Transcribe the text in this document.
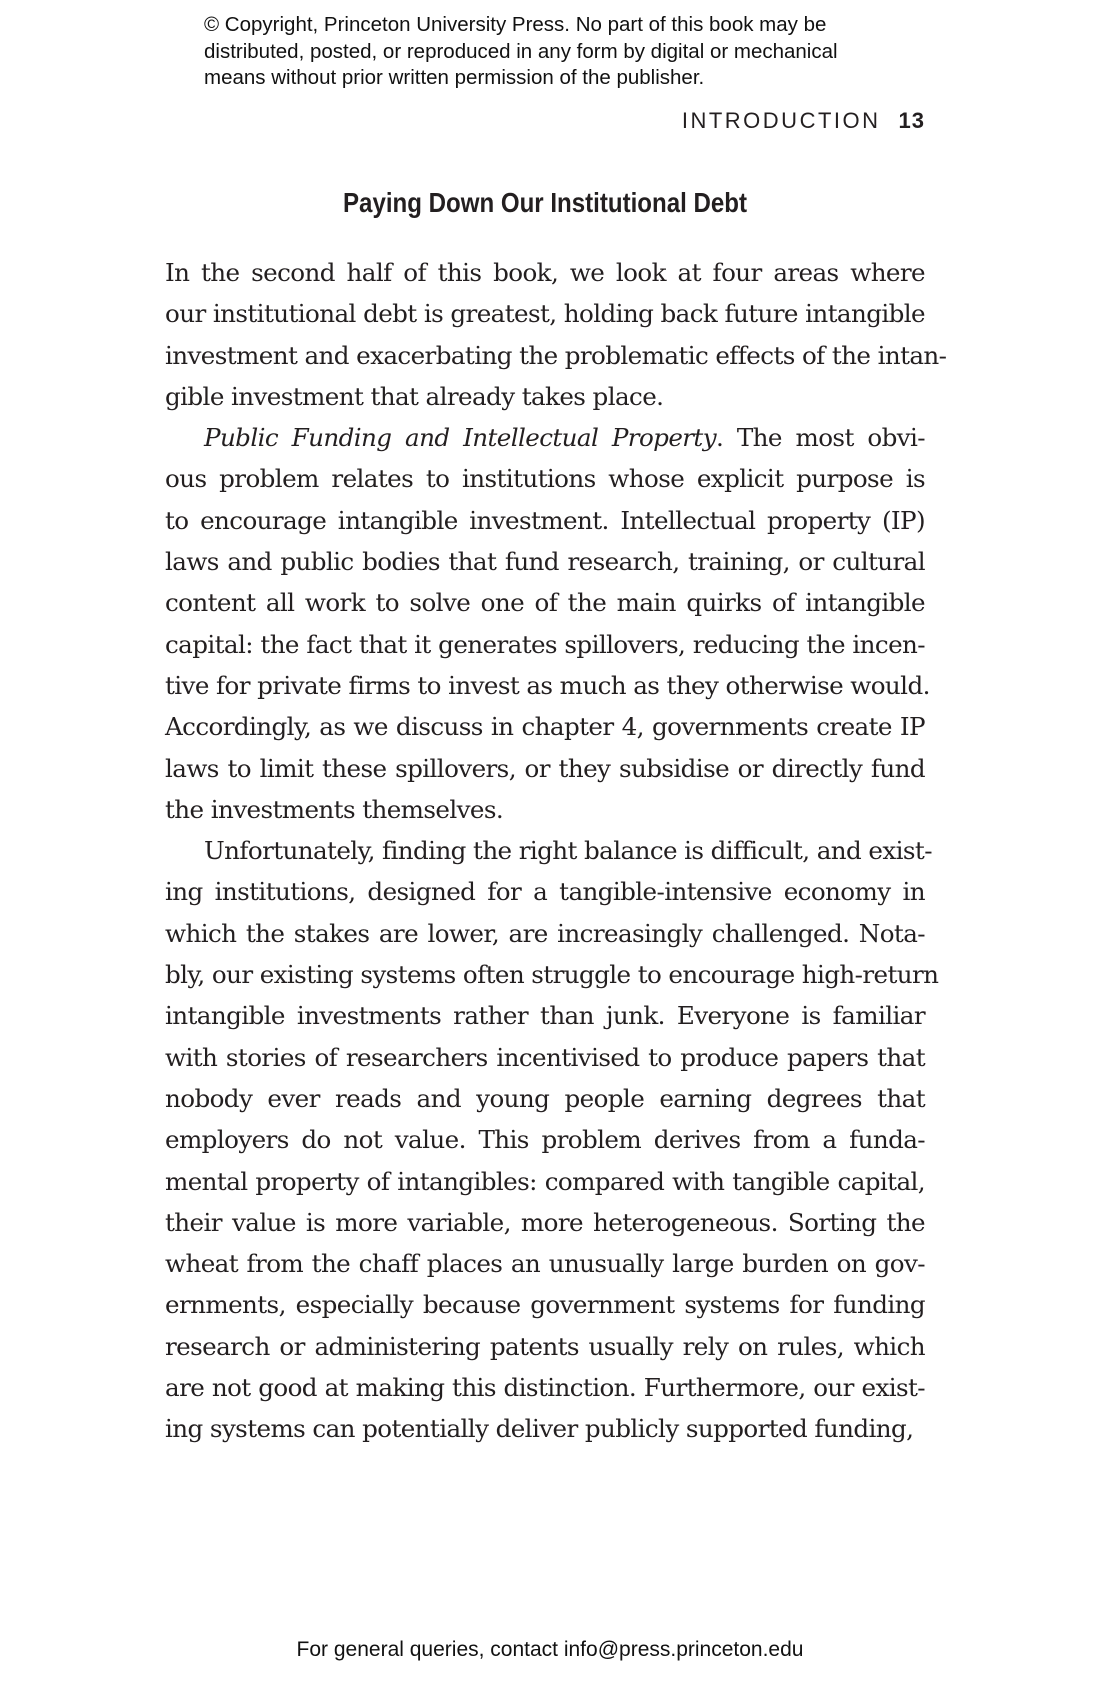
© Copyright, Princeton University Press. No part of this book may be
distributed, posted, or reproduced in any form by digital or mechanical
means without prior written permission of the publisher.
INTRODUCTION 13
Paying Down Our Institutional Debt
In the second half of this book, we look at four areas where
our institutional debt is greatest, holding back future intangible
investment and exacerbating the problematic effects of the intan-
gible investment that already takes place.
Public Funding and Intellectual Property. The most obvi-
ous problem relates to institutions whose explicit purpose is
to encourage intangible investment. Intellectual property (IP)
laws and public bodies that fund research, training, or cultural
content all work to solve one of the main quirks of intangible
capital: the fact that it generates spillovers, reducing the incen-
tive for private firms to invest as much as they otherwise would.
Accordingly, as we discuss in chapter 4, governments create IP
laws to limit these spillovers, or they subsidise or directly fund
the investments themselves.
Unfortunately, finding the right balance is difficult, and exist-
ing institutions, designed for a tangible-intensive economy in
which the stakes are lower, are increasingly challenged. Nota-
bly, our existing systems often struggle to encourage high-return
intangible investments rather than junk. Everyone is familiar
with stories of researchers incentivised to produce papers that
nobody ever reads and young people earning degrees that
employers do not value. This problem derives from a funda-
mental property of intangibles: compared with tangible capital,
their value is more variable, more heterogeneous. Sorting the
wheat from the chaff places an unusually large burden on gov-
ernments, especially because government systems for funding
research or administering patents usually rely on rules, which
are not good at making this distinction. Furthermore, our exist-
ing systems can potentially deliver publicly supported funding,
For general queries, contact info@press.princeton.edu
